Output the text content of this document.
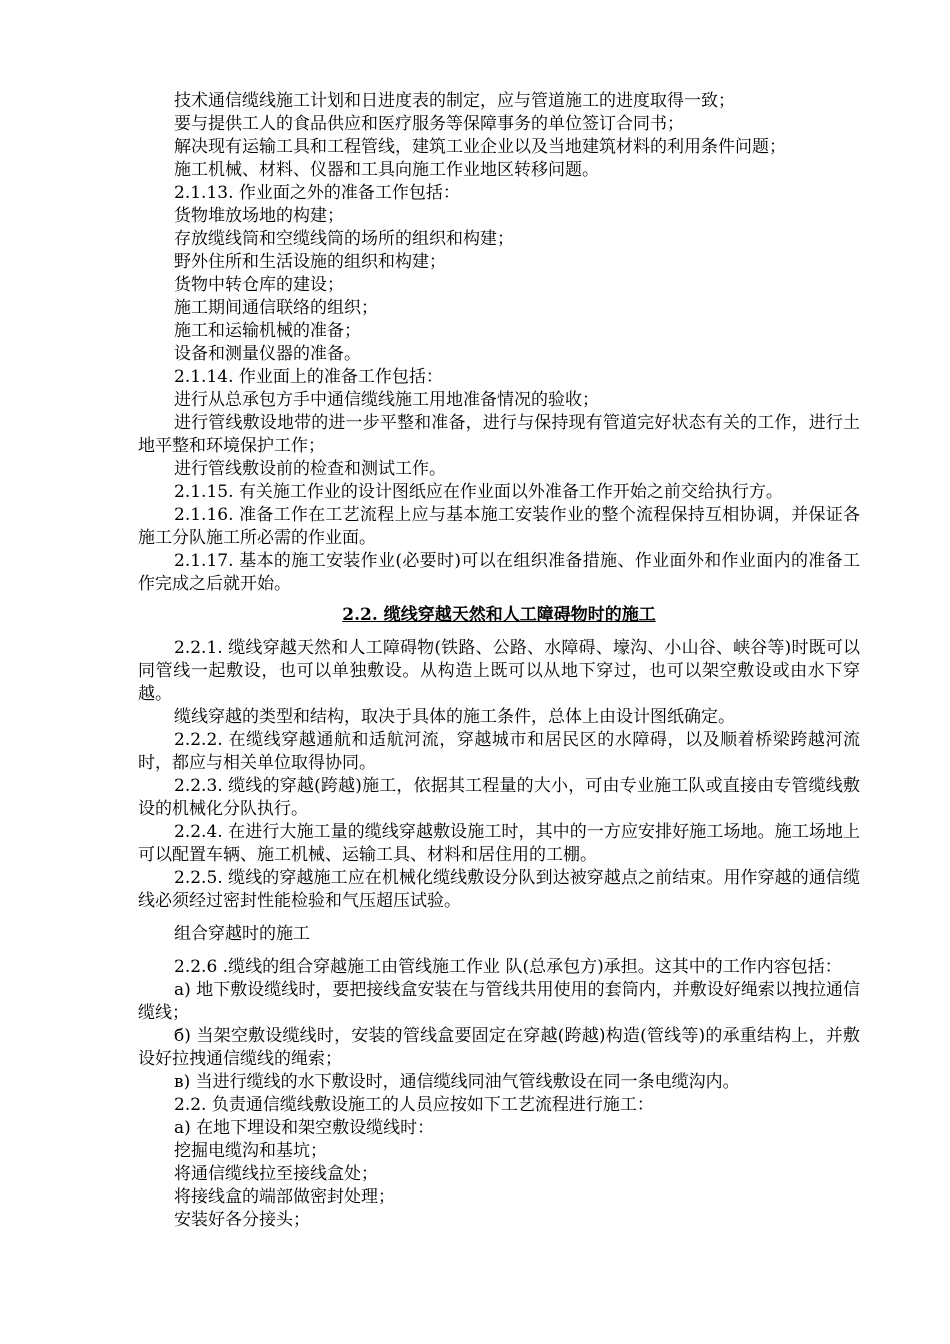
技术通信缆线施工计划和日进度表的制定，应与管道施工的进度取得一致；

要与提供工人的食品供应和医疗服务等保障事务的单位签订合同书；

解决现有运输工具和工程管线，建筑工业企业以及当地建筑材料的利用条件问题；

施工机械、材料、仪器和工具向施工作业地区转移问题。

2.1.13. 作业面之外的准备工作包括：

货物堆放场地的构建；

存放缆线筒和空缆线筒的场所的组织和构建；

野外住所和生活设施的组织和构建；

货物中转仓库的建设；

施工期间通信联络的组织；

施工和运输机械的准备；

设备和测量仪器的准备。

2.1.14. 作业面上的准备工作包括：

进行从总承包方手中通信缆线施工用地准备情况的验收；

进行管线敷设地带的进一步平整和准备，进行与保持现有管道完好状态有关的工作，进行土地平整和环境保护工作；

进行管线敷设前的检查和测试工作。

2.1.15. 有关施工作业的设计图纸应在作业面以外准备工作开始之前交给执行方。

2.1.16. 准备工作在工艺流程上应与基本施工安装作业的整个流程保持互相协调，并保证各施工分队施工所必需的作业面。

2.1.17. 基本的施工安装作业(必要时)可以在组织准备措施、作业面外和作业面内的准备工作完成之后就开始。

2.2. 缆线穿越天然和人工障碍物时的施工

2.2.1. 缆线穿越天然和人工障碍物(铁路、公路、水障碍、壕沟、小山谷、峡谷等)时既可以同管线一起敷设，也可以单独敷设。从构造上既可以从地下穿过，也可以架空敷设或由水下穿越。

缆线穿越的类型和结构，取决于具体的施工条件，总体上由设计图纸确定。

2.2.2. 在缆线穿越通航和适航河流，穿越城市和居民区的水障碍，以及顺着桥梁跨越河流时，都应与相关单位取得协同。

2.2.3. 缆线的穿越(跨越)施工，依据其工程量的大小，可由专业施工队或直接由专管缆线敷设的机械化分队执行。

2.2.4. 在进行大施工量的缆线穿越敷设施工时，其中的一方应安排好施工场地。施工场地上可以配置车辆、施工机械、运输工具、材料和居住用的工棚。

2.2.5. 缆线的穿越施工应在机械化缆线敷设分队到达被穿越点之前结束。用作穿越的通信缆线必须经过密封性能检验和气压超压试验。

组合穿越时的施工

2.2.6 .缆线的组合穿越施工由管线施工作业 队(总承包方)承担。这其中的工作内容包括：

а) 地下敷设缆线时，要把接线盒安装在与管线共用使用的套筒内，并敷设好绳索以拽拉通信缆线；

б) 当架空敷设缆线时，安装的管线盒要固定在穿越(跨越)构造(管线等)的承重结构上，并敷设好拉拽通信缆线的绳索；

в) 当进行缆线的水下敷设时，通信缆线同油气管线敷设在同一条电缆沟内。

2.2. 负责通信缆线敷设施工的人员应按如下工艺流程进行施工：

а) 在地下埋设和架空敷设缆线时：

挖掘电缆沟和基坑；

将通信缆线拉至接线盒处；

将接线盒的端部做密封处理；

安装好各分接头；
